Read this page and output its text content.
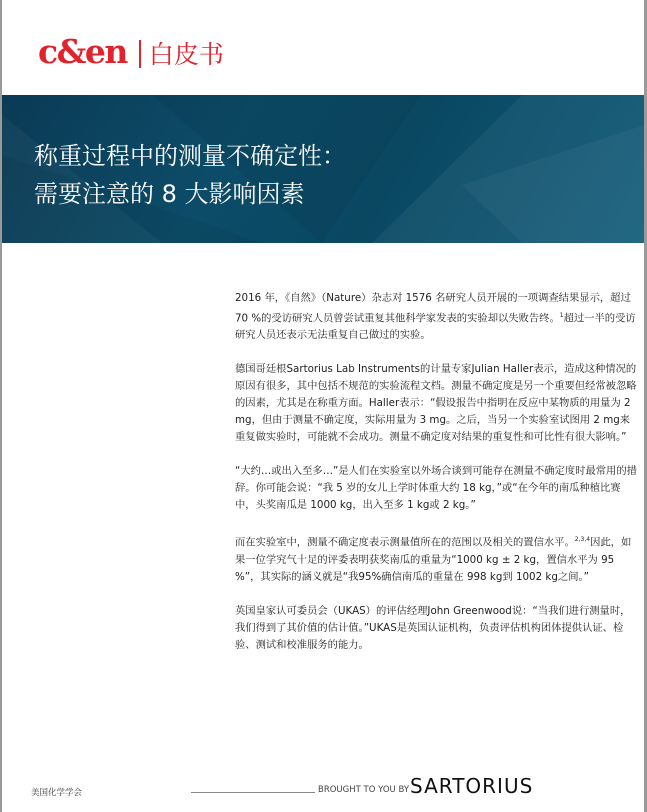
c&en 白皮书
称重过程中的测量不确定性：
需要注意的 8 大影响因素

2016 年，《自然》（Nature）杂志对 1576 名研究人员开展的一项调查结果显示，超过 70 %的受访研究人员曾尝试重复其他科学家发表的实验却以失败告终。$^1$超过一半的受访研究人员还表示无法重复自己做过的实验。

德国哥廷根Sartorius Lab Instruments的计量专家Julian Haller表示，造成这种情况的原因有很多，其中包括不规范的实验流程文档。测量不确定度是另一个重要但经常被忽略的因素，尤其是在称重方面。Haller表示：“假设报告中指明在反应中某物质的用量为 2 mg，但由于测量不确定度，实际用量为 3 mg。之后，当另一个实验室试图用 2 mg来重复做实验时，可能就不会成功。测量不确定度对结果的重复性和可比性有很大影响。”

“大约…或出入至多…”是人们在实验室以外场合谈到可能存在测量不确定度时最常用的措辞。你可能会说：“我 5 岁的女儿上学时体重大约 18 kg，”或“在今年的南瓜种植比赛中，头奖南瓜是 1000 kg，出入至多 1 kg或 2 kg。”

而在实验室中，测量不确定度表示测量值所在的范围以及相关的置信水平。$^{2,3,4}$因此，如果一位学究气十足的评委表明获奖南瓜的重量为“1000 kg ± 2 kg，置信水平为 95 %”，其实际的涵义就是“我95%确信南瓜的重量在 998 kg到 1002 kg之间。”

英国皇家认可委员会（UKAS）的评估经理John Greenwood说：“当我们进行测量时，我们得到了其价值的估计值。”UKAS是英国认证机构，负责评估机构团体提供认证、检验、测试和校准服务的能力。

美国化学学会	BROUGHT TO YOU BY SARTORIUS
